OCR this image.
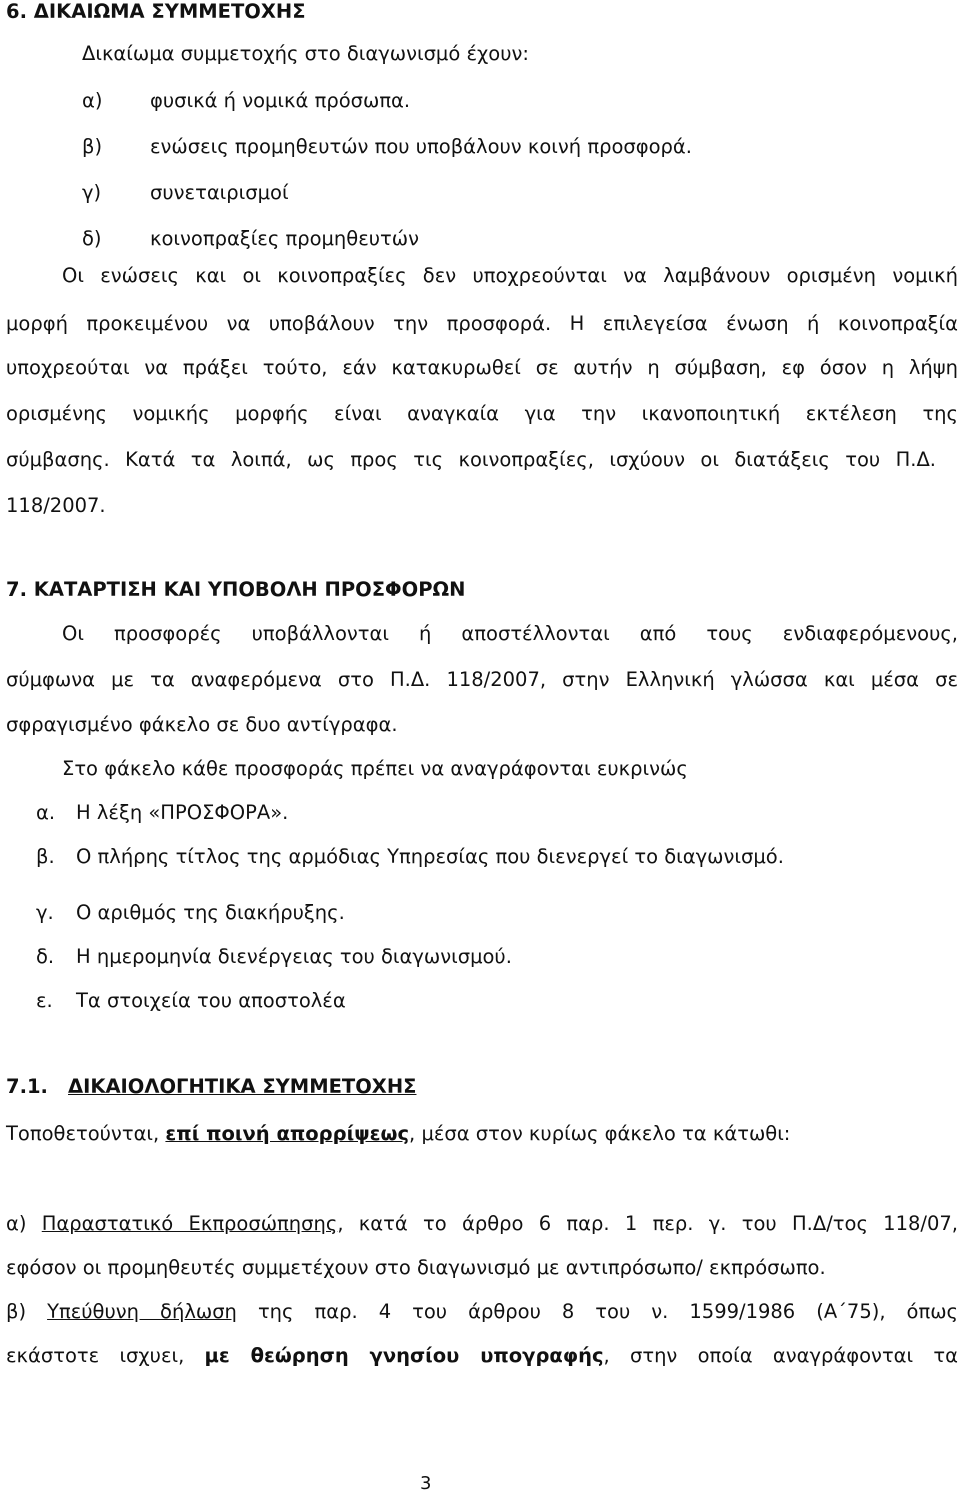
6. ΔΙΚΑΙΩΜΑ ΣΥΜΜΕΤΟΧΗΣ
Δικαίωμα συμμετοχής στο διαγωνισμό έχουν:
α) φυσικά ή νομικά πρόσωπα.
β) ενώσεις προμηθευτών που υποβάλουν κοινή προσφορά.
γ)	συνεταιρισμοί
δ) κοινοπραξίες προμηθευτών
Οι ενώσεις και οι κοινοπραξίες δεν υποχρεούνται να λαμβάνουν ορισμένη νομική
μορφή προκειμένου να υποβάλουν την προσφορά. Η επιλεγείσα ένωση ή κοινοπραξία
υποχρεούται να πράξει τούτο, εάν κατακυρωθεί σε αυτήν η σύμβαση, εφ όσον η λήψη
ορισμένης νομικής μορφής είναι αναγκαία για την ικανοποιητική εκτέλεση της
σύμβασης. Κατά τα λοιπά, ως προς τις κοινοπραξίες, ισχύουν οι διατάξεις του Π.Δ.
118/2007.
7. ΚΑΤΑΡΤΙΣΗ ΚΑΙ ΥΠΟΒΟΛΗ ΠΡΟΣΦΟΡΩΝ
Οι προσφορές υποβάλλονται ή αποστέλλονται από τους ενδιαφερόμενους,
σύμφωνα με τα αναφερόμενα στο Π.Δ. 118/2007, στην Ελληνική γλώσσα και μέσα σε
σφραγισμένο φάκελο σε δυο αντίγραφα.
Στο φάκελο κάθε προσφοράς πρέπει να αναγράφονται ευκρινώς
α. Η λέξη «ΠΡΟΣΦΟΡΑ».
β. Ο πλήρης τίτλος της αρμόδιας Υπηρεσίας που διενεργεί το διαγωνισμό.
γ. Ο αριθμός της διακήρυξης.
δ. Η ημερομηνία διενέργειας του διαγωνισμού.
ε. Τα στοιχεία του αποστολέα
7.1. ΔΙΚΑΙΟΛΟΓΗΤΙΚΑ ΣΥΜΜΕΤΟΧΗΣ
Τοποθετούνται, επί ποινή απορρίψεως, μέσα στον κυρίως φάκελο τα κάτωθι:
α) Παραστατικό Εκπροσώπησης, κατά το άρθρο 6 παρ. 1 περ. γ. του Π.Δ/τος 118/07,
εφόσον οι προμηθευτές συμμετέχουν στο διαγωνισμό με αντιπρόσωπο/ εκπρόσωπο.
β) Υπεύθυνη δήλωση της παρ. 4 του άρθρου 8 του ν. 1599/1986 (Α΄75), όπως
εκάστοτε ισχυει, με θεώρηση γνησίου υπογραφής, στην οποία αναγράφονται τα
3
